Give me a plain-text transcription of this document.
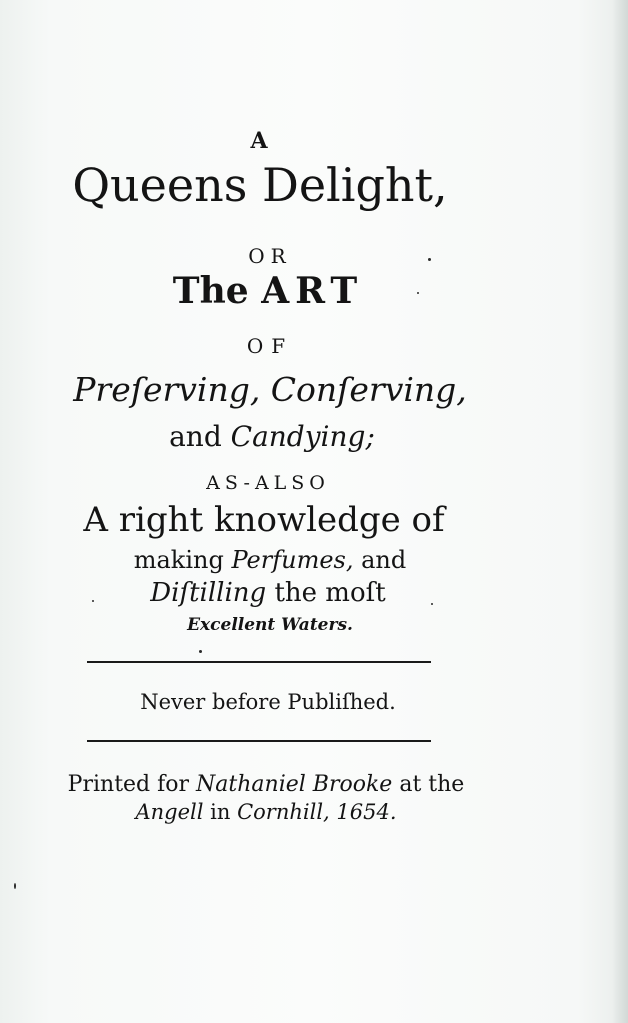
A
Queens Delight,
OR
The ART
OF
Preſerving, Conſerving,
and Candying;
AS-ALSO
A right knowledge of
making Perfumes, and
Diſtilling the moſt
Excellent Waters.
Never before Publiſhed.
Printed for Nathaniel Brooke at the
Angell in Cornhill, 1654.
